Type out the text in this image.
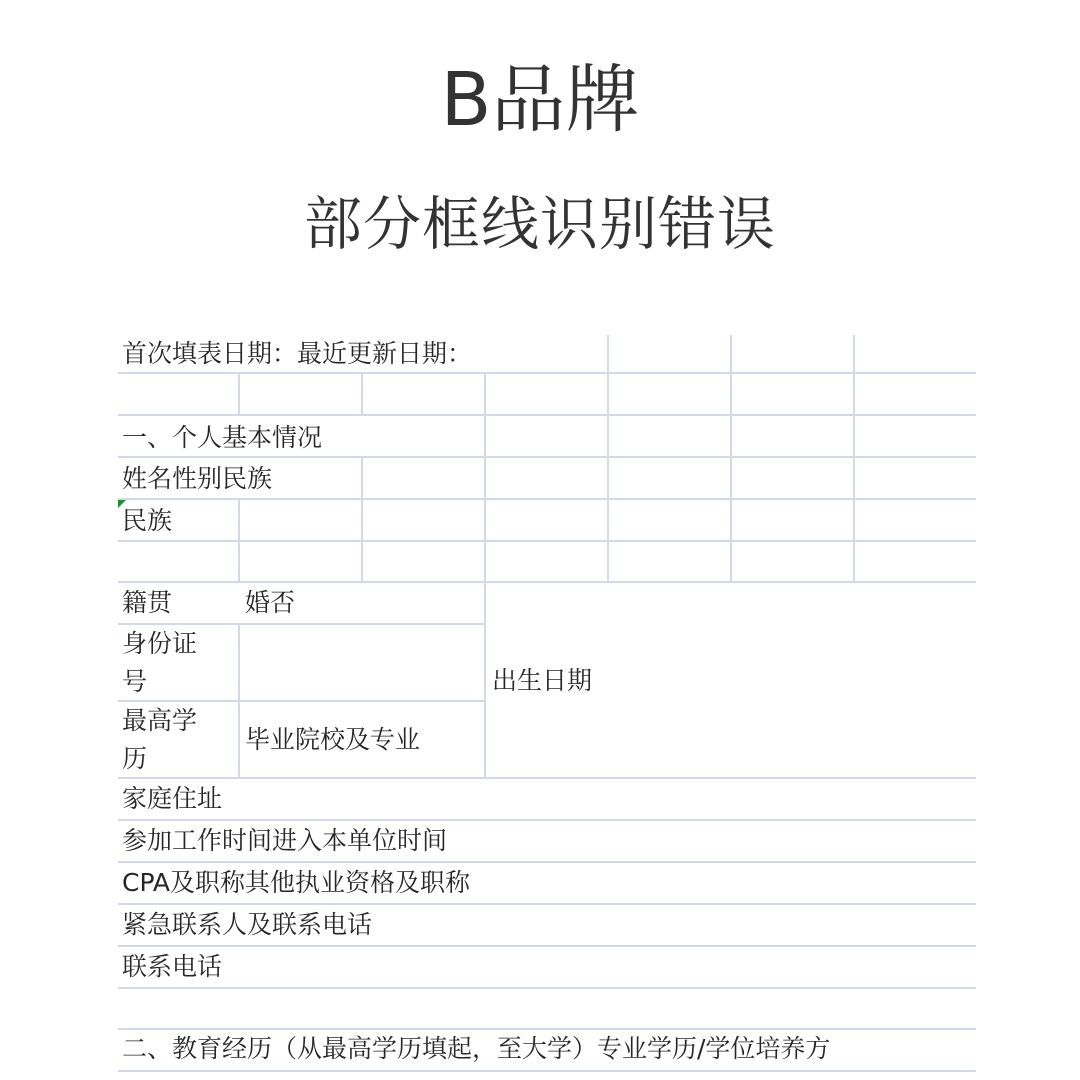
B品牌
部分框线识别错误
首次填表日期：最近更新日期：
一、个人基本情况
姓名性别民族
民族
籍贯	婚否
身份证号	出生日期
最高学历
毕业院校及专业
家庭住址
参加工作时间进入本单位时间
CPA及职称其他执业资格及职称
紧急联系人及联系电话
联系电话
二、教育经历（从最高学历填起，至大学）专业学历/学位培养方
